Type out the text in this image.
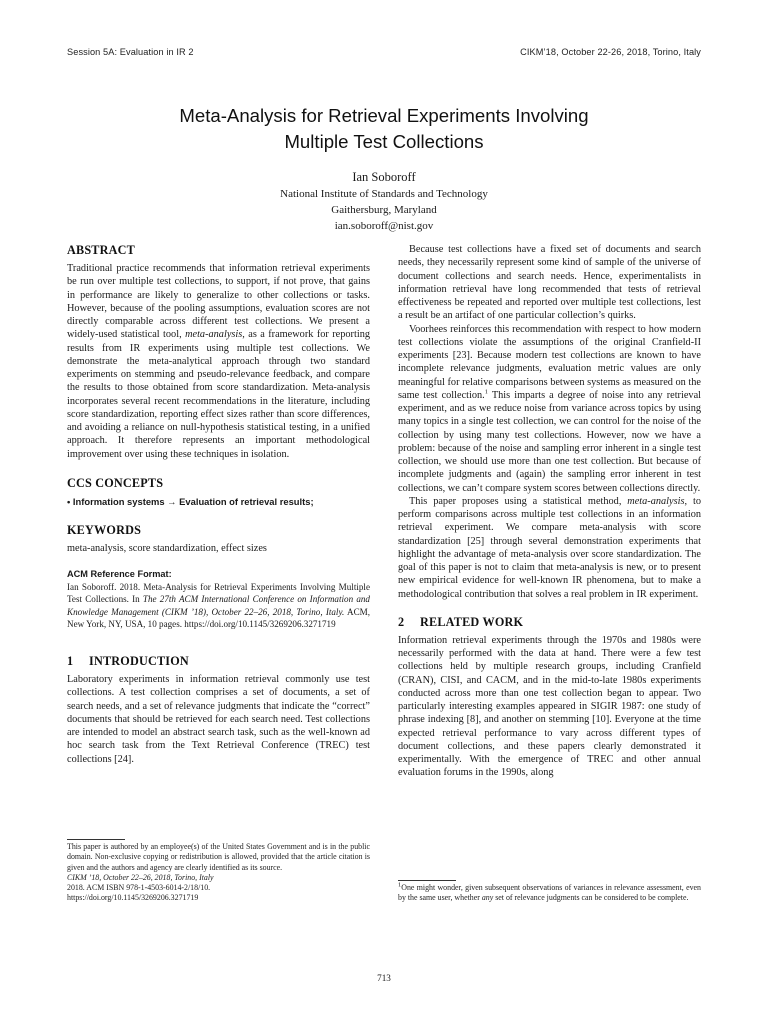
Session 5A: Evaluation in IR 2	CIKM’18, October 22-26, 2018, Torino, Italy
Meta-Analysis for Retrieval Experiments Involving
Multiple Test Collections
Ian Soboroff
National Institute of Standards and Technology
Gaithersburg, Maryland
ian.soboroff@nist.gov
ABSTRACT

Traditional practice recommends that information retrieval experiments be run over multiple test collections, to support, if not prove, that gains in performance are likely to generalize to other collections or tasks. However, because of the pooling assumptions, evaluation scores are not directly comparable across different test collections. We present a widely-used statistical tool, meta-analysis, as a framework for reporting results from IR experiments using multiple test collections. We demonstrate the meta-analytical approach through two standard experiments on stemming and pseudo-relevance feedback, and compare the results to those obtained from score standardization. Meta-analysis incorporates several recent recommendations in the literature, including score standardization, reporting effect sizes rather than score differences, and avoiding a reliance on null-hypothesis statistical testing, in a unified approach. It therefore represents an important methodological improvement over using these techniques in isolation.

CCS CONCEPTS

• Information systems → Evaluation of retrieval results;

KEYWORDS

meta-analysis, score standardization, effect sizes

ACM Reference Format:

Ian Soboroff. 2018. Meta-Analysis for Retrieval Experiments Involving Multiple Test Collections. In The 27th ACM International Conference on Information and Knowledge Management (CIKM ’18), October 22–26, 2018, Torino, Italy. ACM, New York, NY, USA, 10 pages. https://doi.org/10.1145/3269206.3271719

1 INTRODUCTION

Laboratory experiments in information retrieval commonly use test collections. A test collection comprises a set of documents, a set of search needs, and a set of relevance judgments that indicate the “correct” documents that should be retrieved for each search need. Test collections are intended to model an abstract search task, such as the well-known ad hoc search task from the Text Retrieval Conference (TREC) test collections [24].

This paper is authored by an employee(s) of the United States Government and is in the public domain. Non-exclusive copying or redistribution is allowed, provided that the article citation is given and the authors and agency are clearly identified as its source.
CIKM ’18, October 22–26, 2018, Torino, Italy
2018. ACM ISBN 978-1-4503-6014-2/18/10.
https://doi.org/10.1145/3269206.3271719

Because test collections have a fixed set of documents and search needs, they necessarily represent some kind of sample of the universe of document collections and search needs. Hence, experimentalists in information retrieval have long recommended that tests of retrieval effectiveness be repeated and reported over multiple test collections, lest a result be an artifact of one particular collection’s quirks.

Voorhees reinforces this recommendation with respect to how modern test collections violate the assumptions of the original Cranfield-II experiments [23]. Because modern test collections are known to have incomplete relevance judgments, evaluation metric values are only meaningful for relative comparisons between systems as measured on the same test collection.$^1$ This imparts a degree of noise into any retrieval experiment, and as we reduce noise from variance across topics by using many topics in a single test collection, we can control for the noise of the collection by using many test collections. However, now we have a problem: because of the noise and sampling error inherent in a single test collection, we should use more than one test collection. But because of incomplete judgments and (again) the sampling error inherent in test collections, we can’t compare system scores between collections directly.

This paper proposes using a statistical method, meta-analysis, to perform comparisons across multiple test collections in an information retrieval experiment. We compare meta-analysis with score standardization [25] through several demonstration experiments that highlight the advantage of meta-analysis over score standardization. The goal of this paper is not to claim that meta-analysis is new, or to present new empirical evidence for well-known IR phenomena, but to make a methodological contribution that solves a real problem in IR experiment.

2 RELATED WORK

Information retrieval experiments through the 1970s and 1980s were necessarily performed with the data at hand. There were a few test collections held by multiple research groups, including Cranfield (CRAN), CISI, and CACM, and in the mid-to-late 1980s experiments conducted across more than one test collection began to appear. Two particularly interesting examples appeared in SIGIR 1987: one study of phrase indexing [8], and another on stemming [10]. Everyone at the time expected retrieval performance to vary across different types of document collections, and these papers clearly demonstrated it experimentally. With the emergence of TREC and other annual evaluation forums in the 1990s, along

$^1$One might wonder, given subsequent observations of variances in relevance assessment, even by the same user, whether any set of relevance judgments can be considered to be complete.
713
